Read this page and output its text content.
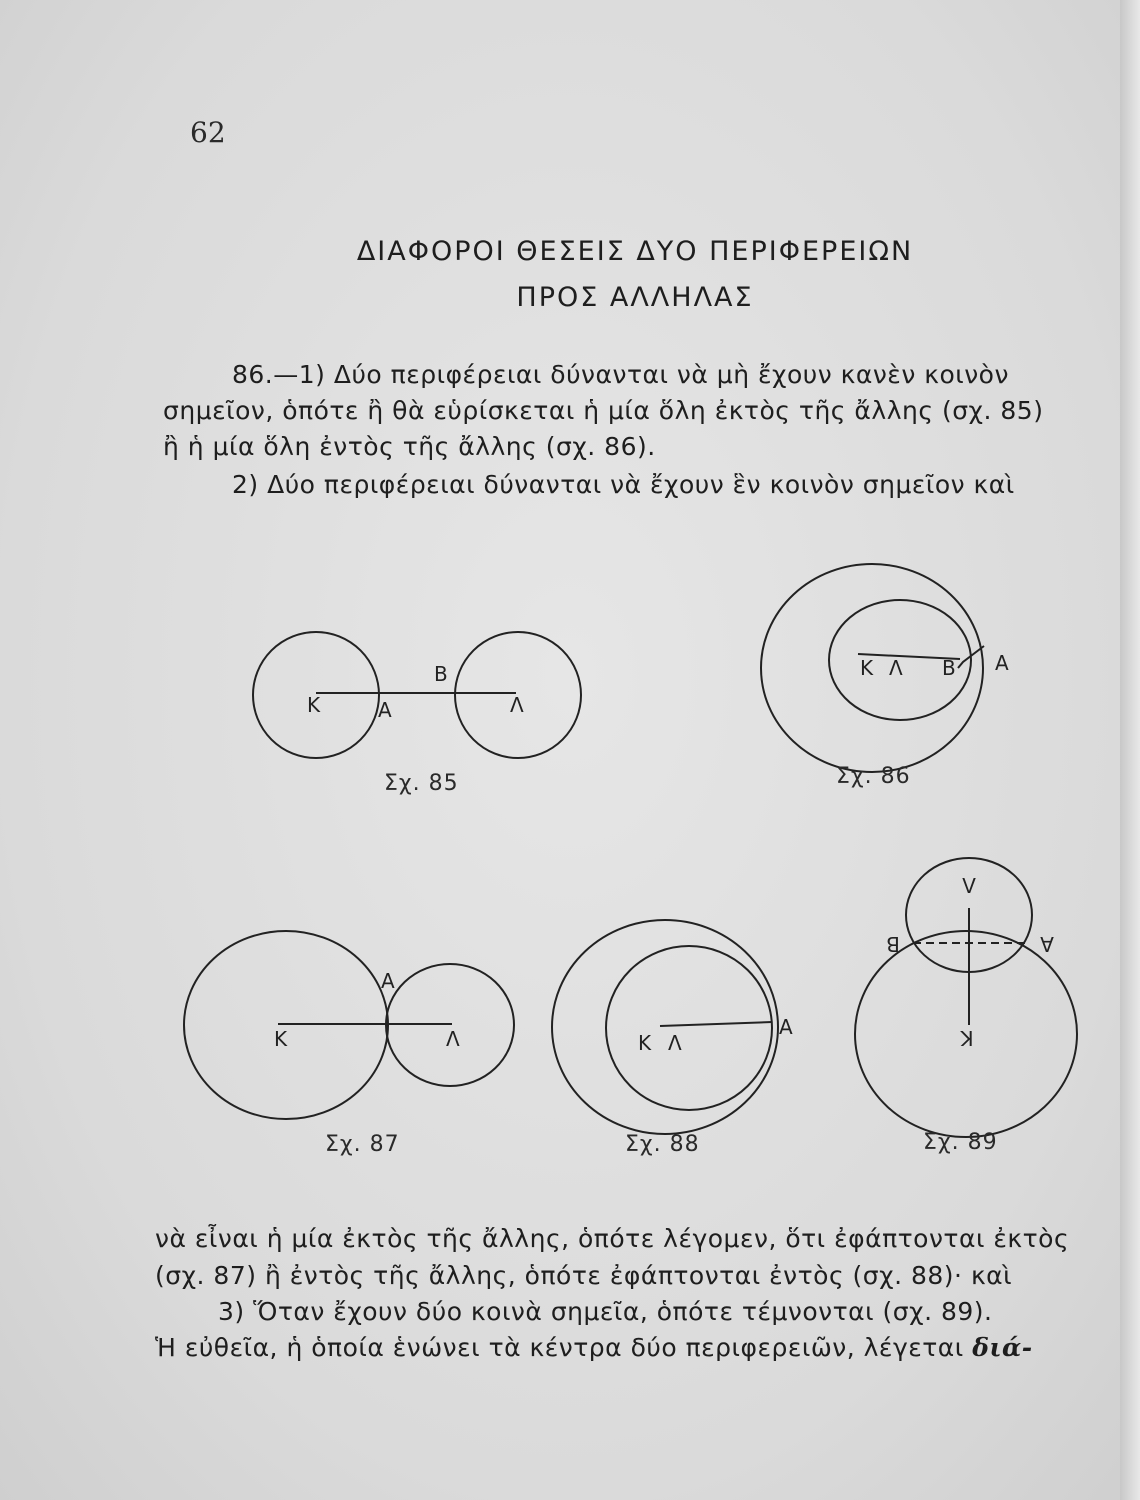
62
ΔΙΑΦΟΡΟΙ ΘΕΣΕΙΣ ΔΥΟ ΠΕΡΙΦΕΡΕΙΩΝ
ΠΡΟΣ ΑΛΛΗΛΑΣ
86.—1) Δύο περιφέρειαι δύνανται νὰ μὴ ἔχουν κανὲν κοινὸν
σημεῖον, ὁπότε ἢ θὰ εὑρίσκεται ἡ μία ὅλη ἐκτὸς τῆς ἄλλης (σχ. 85)
ἢ ἡ μία ὅλη ἐντὸς τῆς ἄλλης (σχ. 86).
2) Δύο περιφέρειαι δύνανται νὰ ἔχουν ἓν κοινὸν σημεῖον καὶ
Κ	Α
Β
Λ
Κ Λ Β Α
Κ
Α
Λ	Κ Λ
Α
Λ
Β	Α
Κ
Σχ. 85	Σχ. 86
Σχ. 87	Σχ. 88	Σχ. 89
νὰ εἶναι ἡ μία ἐκτὸς τῆς ἄλλης, ὁπότε λέγομεν, ὅτι ἐφάπτονται ἐκτὸς
(σχ. 87) ἢ ἐντὸς τῆς ἄλλης, ὁπότε ἐφάπτονται ἐντὸς (σχ. 88)· καὶ
3) Ὅταν ἔχουν δύο κοινὰ σημεῖα, ὁπότε τέμνονται (σχ. 89).
Ἡ εὐθεῖα, ἡ ὁποία ἑνώνει τὰ κέντρα δύο περιφερειῶν, λέγεται διά-
